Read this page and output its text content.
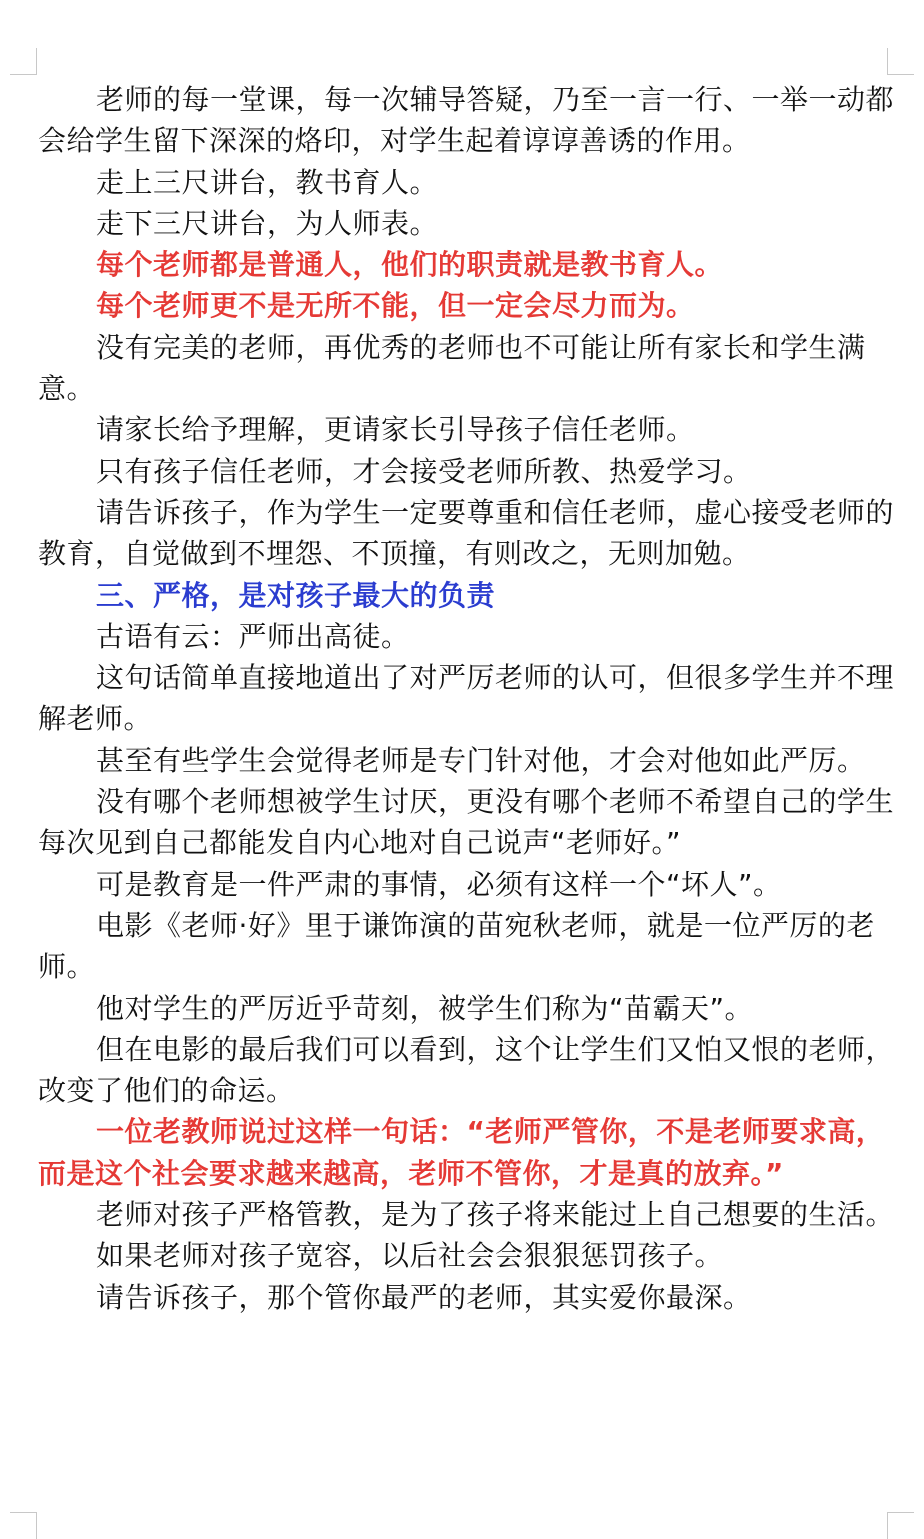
老师的每一堂课，每一次辅导答疑，乃至一言一行、一举一动都会给学生留下深深的烙印，对学生起着谆谆善诱的作用。

走上三尺讲台，教书育人。

走下三尺讲台，为人师表。

每个老师都是普通人，他们的职责就是教书育人。

每个老师更不是无所不能，但一定会尽力而为。

没有完美的老师，再优秀的老师也不可能让所有家长和学生满意。

请家长给予理解，更请家长引导孩子信任老师。

只有孩子信任老师，才会接受老师所教、热爱学习。

请告诉孩子，作为学生一定要尊重和信任老师，虚心接受老师的教育，自觉做到不埋怨、不顶撞，有则改之，无则加勉。

三、严格，是对孩子最大的负责

古语有云：严师出高徒。

这句话简单直接地道出了对严厉老师的认可，但很多学生并不理解老师。

甚至有些学生会觉得老师是专门针对他，才会对他如此严厉。

没有哪个老师想被学生讨厌，更没有哪个老师不希望自己的学生每次见到自己都能发自内心地对自己说声“老师好。”

可是教育是一件严肃的事情，必须有这样一个“坏人”。

电影《老师·好》里于谦饰演的苗宛秋老师，就是一位严厉的老师。

他对学生的严厉近乎苛刻，被学生们称为“苗霸天”。

但在电影的最后我们可以看到，这个让学生们又怕又恨的老师，改变了他们的命运。

一位老教师说过这样一句话：“老师严管你，不是老师要求高，而是这个社会要求越来越高，老师不管你，才是真的放弃。”

老师对孩子严格管教，是为了孩子将来能过上自己想要的生活。

如果老师对孩子宽容，以后社会会狠狠惩罚孩子。

请告诉孩子，那个管你最严的老师，其实爱你最深。
